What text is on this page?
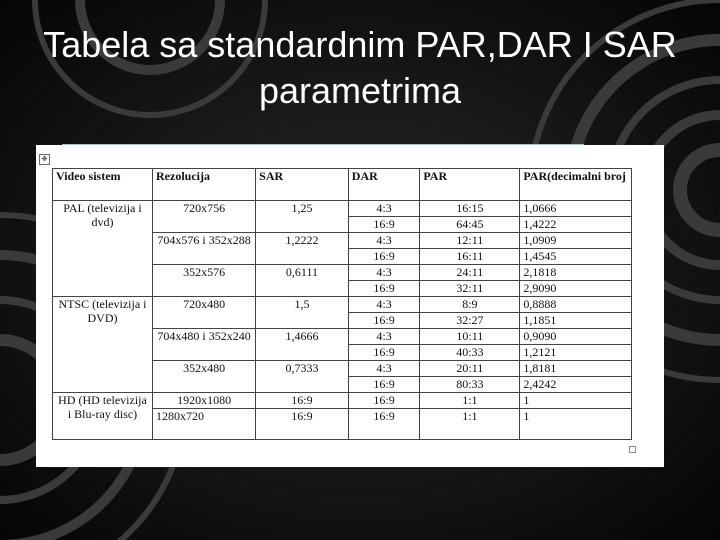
Tabela sa standardnim PAR,DAR I SAR
parametrima
✥
Video sistem	Rezolucija	SAR	DAR	PAR	PAR(decimalni broj
PAL (televizija i dvd)	720x756	1,25	4:3	16:15	1,0666
			16:9	64:45	1,4222
	704x576 i 352x288	1,2222	4:3	12:11	1,0909
			16:9	16:11	1,4545
	352x576	0,6111	4:3	24:11	2,1818
			16:9	32:11	2,9090
NTSC (televizija i DVD)	720x480	1,5	4:3	8:9	0,8888
			16:9	32:27	1,1851
	704x480 i 352x240	1,4666	4:3	10:11	0,9090
			16:9	40:33	1,2121
	352x480	0,7333	4:3	20:11	1,8181
			16:9	80:33	2,4242
HD (HD televizija i Blu-ray disc)	1920x1080	16:9	16:9	1:1	1
	1280x720	16:9	16:9	1:1	1
